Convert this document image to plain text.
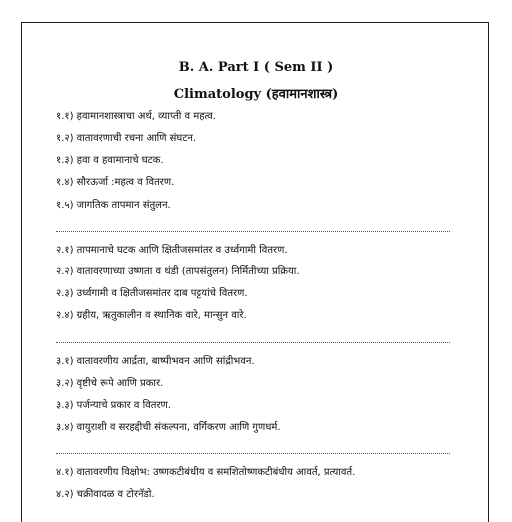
B. A. Part I ( Sem II )
Climatology (हवामानशास्त्र)
१.१) हवामानशास्त्राचा अर्थ, व्याप्ती व महत्व.
१.२) वातावरणाची रचना आणि संघटन.
१.३) हवा व हवामानाचे घटक.
१.४) सौरऊर्जा :महत्व व वितरण.
१.५) जागतिक तापमान संतुलन.
२.१) तापमानाचे घटक आणि क्षितीजसमांतर व उर्ध्वगामी वितरण.
२.२) वातावरणाच्या उष्णता व थंडी (तापसंतुलन) निर्मितीच्या प्रक्रिया.
२.३) उर्ध्वगामी व क्षितीजसमांतर दाब पट्टयांचे वितरण.
२.४) ग्रहीय, ऋतुकालीन व स्थानिक वारे, मान्सुन वारे.
३.१) वातावरणीय आर्द्रता, बाष्पीभवन आणि सांद्रीभवन.
३.२) वृष्टीचे रूपे आणि प्रकार.
३.३) पर्जन्याचे प्रकार व वितरण.
३.४) वायुराशी व सरहद्दीची संकल्पना, वर्गिकरण आणि गुणधर्म.
४.१) वातावरणीय विक्षोभ: उष्णकटीबंधीय व समशितोष्णकटीबंधीय आवर्त, प्रत्यावर्त.
४.२) चक्रीवादळ व टोरनॅडो.
